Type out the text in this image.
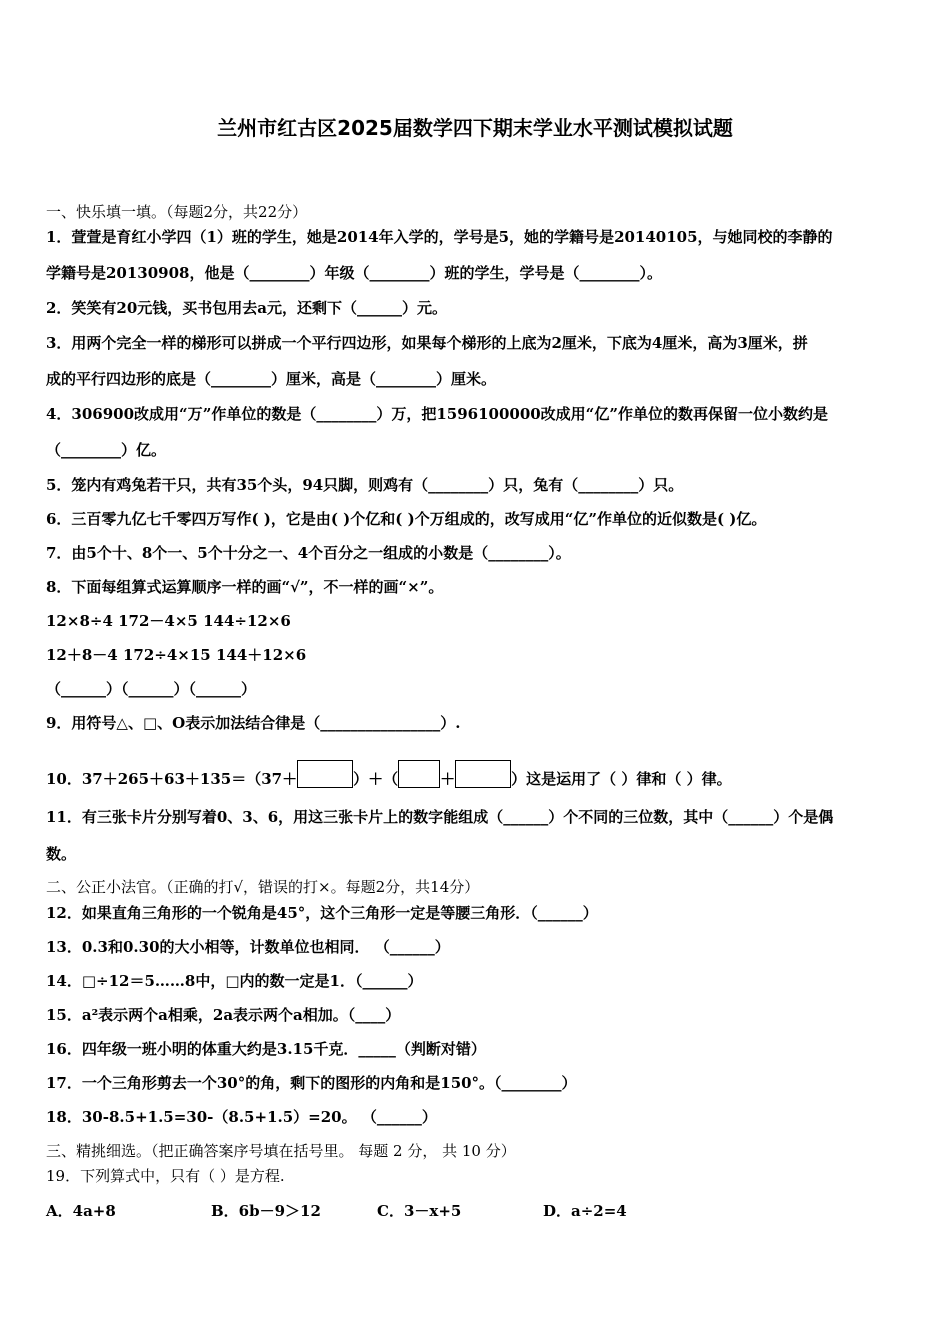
兰州市红古区2025届数学四下期末学业水平测试模拟试题
一、快乐填一填。（每题2分，共22分）
1．萱萱是育红小学四（1）班的学生，她是2014年入学的，学号是5，她的学籍号是20140105，与她同校的李静的
学籍号是20130908，他是（________）年级（________）班的学生，学号是（________）。
2．笑笑有20元钱，买书包用去a元，还剩下（______）元。
3．用两个完全一样的梯形可以拼成一个平行四边形，如果每个梯形的上底为2厘米，下底为4厘米，高为3厘米，拼
成的平行四边形的底是（________）厘米，高是（________）厘米。
4．306900改成用“万”作单位的数是（________）万，把1596100000改成用“亿”作单位的数再保留一位小数约是
（________）亿。
5．笼内有鸡兔若干只，共有35个头，94只脚，则鸡有（________）只，兔有（________）只。
6．三百零九亿七千零四万写作( )，它是由( )个亿和( )个万组成的，改写成用“亿”作单位的近似数是( )亿。
7．由5个十、8个一、5个十分之一、4个百分之一组成的小数是（________）。
8．下面每组算式运算顺序一样的画“√”，不一样的画“×”。
12×8÷4 172－4×5 144÷12×6
12＋8－4 172÷4×15 144＋12×6
（______）（______）（______）
9．用符号△、□、O表示加法结合律是（________________）.
10．37＋265＋63＋135＝（37＋	）＋（	＋	）这是运用了（ ）律和（ ）律。
11．有三张卡片分别写着0、3、6，用这三张卡片上的数字能组成（______）个不同的三位数，其中（______）个是偶
数。
二、公正小法官。（正确的打√，错误的打×。每题2分，共14分）
12．如果直角三角形的一个锐角是45°，这个三角形一定是等腰三角形．（______）
13．0.3和0.30的大小相等，计数单位也相同． （______）
14．□÷12＝5……8中，□内的数一定是1．（______）
15．a²表示两个a相乘，2a表示两个a相加。（____）
16．四年级一班小明的体重大约是3.15千克．_____（判断对错）
17．一个三角形剪去一个30°的角，剩下的图形的内角和是150°。（________）
18．30-8.5+1.5=30-（8.5+1.5）=20。 （______）
三、精挑细选。（把正确答案序号填在括号里。 每题 2 分， 共 10 分）
19．下列算式中，只有（ ）是方程.
A．4a+8	B．6b－9＞12	C．3－x+5	D．a÷2=4
